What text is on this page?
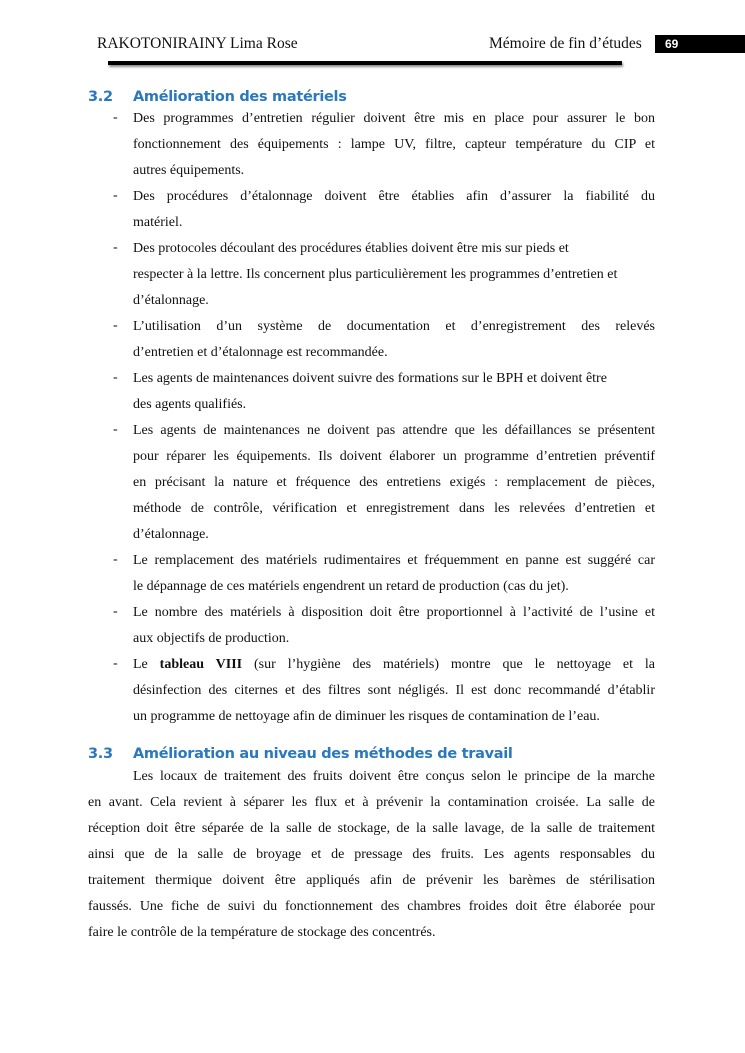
RAKOTONIRAINY Lima Rose	Mémoire de fin d’études	69
3.2 Amélioration des matériels
- Des programmes d’entretien régulier doivent être mis en place pour assurer le bon
fonctionnement des équipements : lampe UV, filtre, capteur température du CIP et
autres équipements.
- Des procédures d’étalonnage doivent être établies afin d’assurer la fiabilité du
matériel.
- Des protocoles découlant des procédures établies doivent être mis sur pieds et
respecter à la lettre. Ils concernent plus particulièrement les programmes d’entretien et
d’étalonnage.
- L’utilisation d’un système de documentation et d’enregistrement des relevés
d’entretien et d’étalonnage est recommandée.
- Les agents de maintenances doivent suivre des formations sur le BPH et doivent être
des agents qualifiés.
- Les agents de maintenances ne doivent pas attendre que les défaillances se présentent
pour réparer les équipements. Ils doivent élaborer un programme d’entretien préventif
en précisant la nature et fréquence des entretiens exigés : remplacement de pièces,
méthode de contrôle, vérification et enregistrement dans les relevées d’entretien et
d’étalonnage.
- Le remplacement des matériels rudimentaires et fréquemment en panne est suggéré car
le dépannage de ces matériels engendrent un retard de production (cas du jet).
- Le nombre des matériels à disposition doit être proportionnel à l’activité de l’usine et
aux objectifs de production.
- Le tableau VIII (sur l’hygiène des matériels) montre que le nettoyage et la
désinfection des citernes et des filtres sont négligés. Il est donc recommandé d’établir
un programme de nettoyage afin de diminuer les risques de contamination de l’eau.
3.3 Amélioration au niveau des méthodes de travail
Les locaux de traitement des fruits doivent être conçus selon le principe de la marche
en avant. Cela revient à séparer les flux et à prévenir la contamination croisée. La salle de
réception doit être séparée de la salle de stockage, de la salle lavage, de la salle de traitement
ainsi que de la salle de broyage et de pressage des fruits. Les agents responsables du
traitement thermique doivent être appliqués afin de prévenir les barèmes de stérilisation
faussés. Une fiche de suivi du fonctionnement des chambres froides doit être élaborée pour
faire le contrôle de la température de stockage des concentrés.
